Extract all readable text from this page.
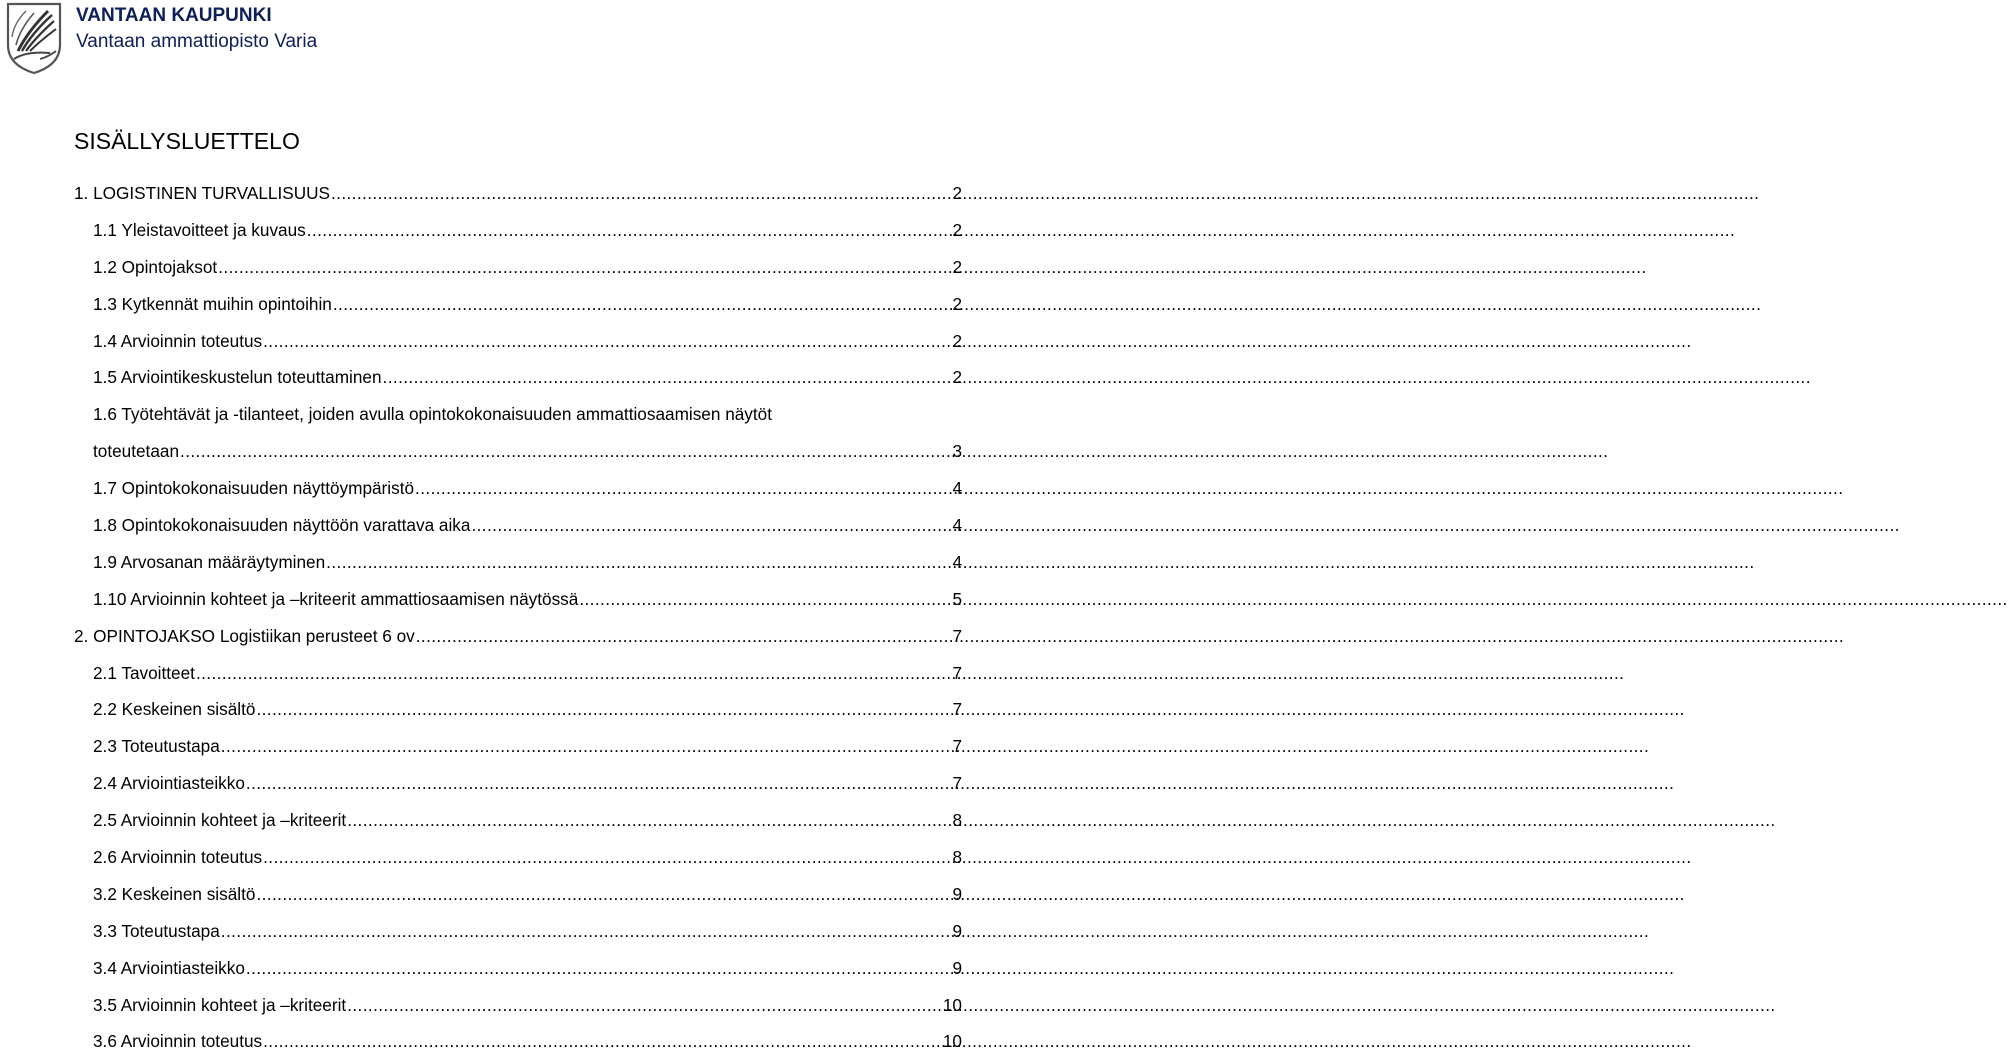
VANTAAN KAUPUNKI
Vantaan ammattiopisto Varia
SISÄLLYSLUETTELO
1. LOGISTINEN TURVALLISUUS .....	2
1.1 Yleistavoitteet ja kuvaus .....	2
1.2 Opintojaksot .....	2
1.3 Kytkennät muihin opintoihin .....	2
1.4 Arvioinnin toteutus .....	2
1.5 Arviointikeskustelun toteuttaminen .....	2
1.6 Työtehtävät ja -tilanteet, joiden avulla opintokokonaisuuden ammattiosaamisen näytöt
toteutetaan .....	3
1.7 Opintokokonaisuuden näyttöympäristö .....	4
1.8 Opintokokonaisuuden näyttöön varattava aika .....	4
1.9 Arvosanan määräytyminen .....	4
1.10 Arvioinnin kohteet ja –kriteerit ammattiosaamisen näytössä .....	5
2. OPINTOJAKSO Logistiikan perusteet 6 ov .....	7
2.1 Tavoitteet .....	7
2.2 Keskeinen sisältö .....	7
2.3 Toteutustapa .....	7
2.4 Arviointiasteikko .....	7
2.5 Arvioinnin kohteet ja –kriteerit .....	8
2.6 Arvioinnin toteutus .....	8
3.2 Keskeinen sisältö .....	9
3.3 Toteutustapa .....	9
3.4 Arviointiasteikko .....	9
3.5 Arvioinnin kohteet ja –kriteerit .....	10
3.6 Arvioinnin toteutus .....	10
